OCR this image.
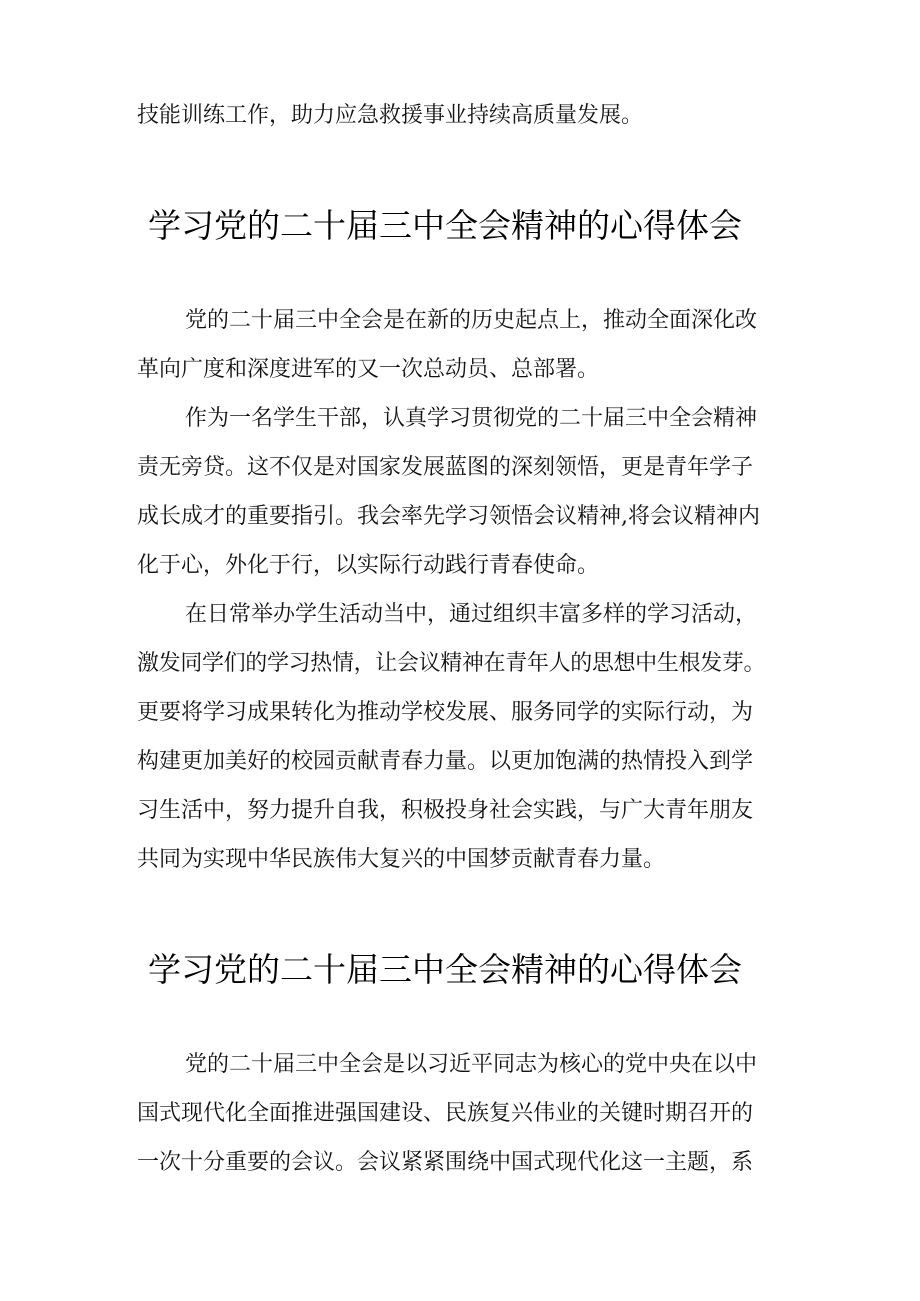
技能训练工作，助力应急救援事业持续高质量发展。
学习党的二十届三中全会精神的心得体会
党的二十届三中全会是在新的历史起点上，推动全面深化改
革向广度和深度进军的又一次总动员、总部署。
作为一名学生干部，认真学习贯彻党的二十届三中全会精神
责无旁贷。这不仅是对国家发展蓝图的深刻领悟，更是青年学子
成长成才的重要指引。我会率先学习领悟会议精神,将会议精神内
化于心，外化于行，以实际行动践行青春使命。
在日常举办学生活动当中，通过组织丰富多样的学习活动，
激发同学们的学习热情，让会议精神在青年人的思想中生根发芽。
更要将学习成果转化为推动学校发展、服务同学的实际行动，为
构建更加美好的校园贡献青春力量。以更加饱满的热情投入到学
习生活中，努力提升自我，积极投身社会实践，与广大青年朋友
共同为实现中华民族伟大复兴的中国梦贡献青春力量。
学习党的二十届三中全会精神的心得体会
党的二十届三中全会是以习近平同志为核心的党中央在以中
国式现代化全面推进强国建设、民族复兴伟业的关键时期召开的
一次十分重要的会议。会议紧紧围绕中国式现代化这一主题，系
